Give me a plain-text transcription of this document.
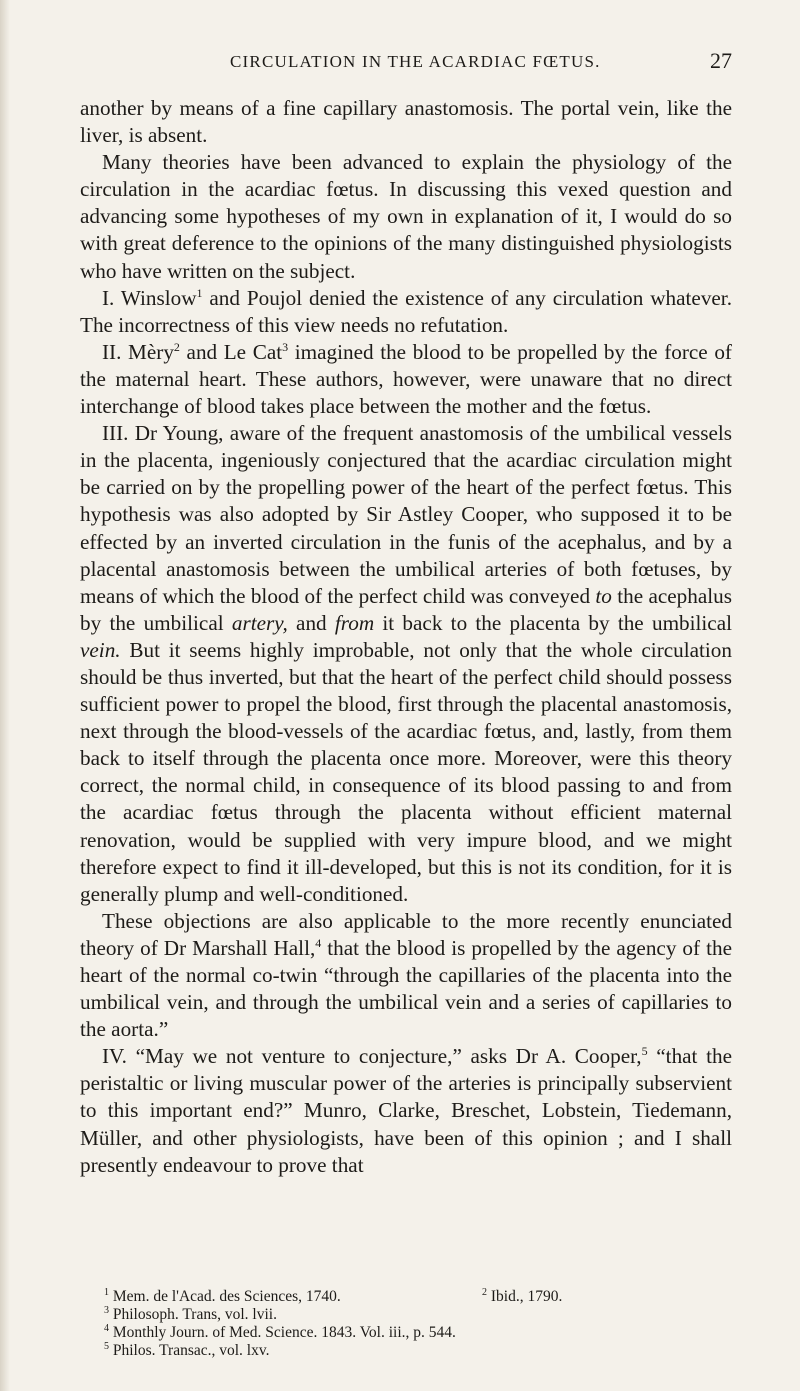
CIRCULATION IN THE ACARDIAC FŒTUS.	27

another by means of a fine capillary anastomosis. The portal vein, like the liver, is absent.

Many theories have been advanced to explain the physiology of the circulation in the acardiac fœtus. In discussing this vexed question and advancing some hypotheses of my own in explanation of it, I would do so with great deference to the opinions of the many distinguished physiologists who have written on the subject.

I. Winslow$^1$ and Poujol denied the existence of any circulation whatever. The incorrectness of this view needs no refutation.

II. Mèry$^2$ and Le Cat$^3$ imagined the blood to be propelled by the force of the maternal heart. These authors, however, were unaware that no direct interchange of blood takes place between the mother and the fœtus.

III. Dr Young, aware of the frequent anastomosis of the umbilical vessels in the placenta, ingeniously conjectured that the acardiac circulation might be carried on by the propelling power of the heart of the perfect fœtus. This hypothesis was also adopted by Sir Astley Cooper, who supposed it to be effected by an inverted circulation in the funis of the acephalus, and by a placental anastomosis between the umbilical arteries of both fœtuses, by means of which the blood of the perfect child was conveyed to the acephalus by the umbilical artery, and from it back to the placenta by the umbilical vein. But it seems highly improbable, not only that the whole circulation should be thus inverted, but that the heart of the perfect child should possess sufficient power to propel the blood, first through the placental anastomosis, next through the blood-vessels of the acardiac fœtus, and, lastly, from them back to itself through the placenta once more. Moreover, were this theory correct, the normal child, in consequence of its blood passing to and from the acardiac fœtus through the placenta without efficient maternal renovation, would be supplied with very impure blood, and we might therefore expect to find it ill-developed, but this is not its condition, for it is generally plump and well-conditioned.

These objections are also applicable to the more recently enunciated theory of Dr Marshall Hall,$^4$ that the blood is propelled by the agency of the heart of the normal co-twin “through the capillaries of the placenta into the umbilical vein, and through the umbilical vein and a series of capillaries to the aorta.”

IV. “May we not venture to conjecture,” asks Dr A. Cooper,$^5$ “that the peristaltic or living muscular power of the arteries is principally subservient to this important end?” Munro, Clarke, Breschet, Lobstein, Tiedemann, Müller, and other physiologists, have been of this opinion ; and I shall presently endeavour to prove that

$^1$ Mem. de l'Acad. des Sciences, 1740.	$^2$ Ibid., 1790.
$^3$ Philosoph. Trans, vol. lvii.
$^4$ Monthly Journ. of Med. Science. 1843. Vol. iii., p. 544.
$^5$ Philos. Transac., vol. lxv.
